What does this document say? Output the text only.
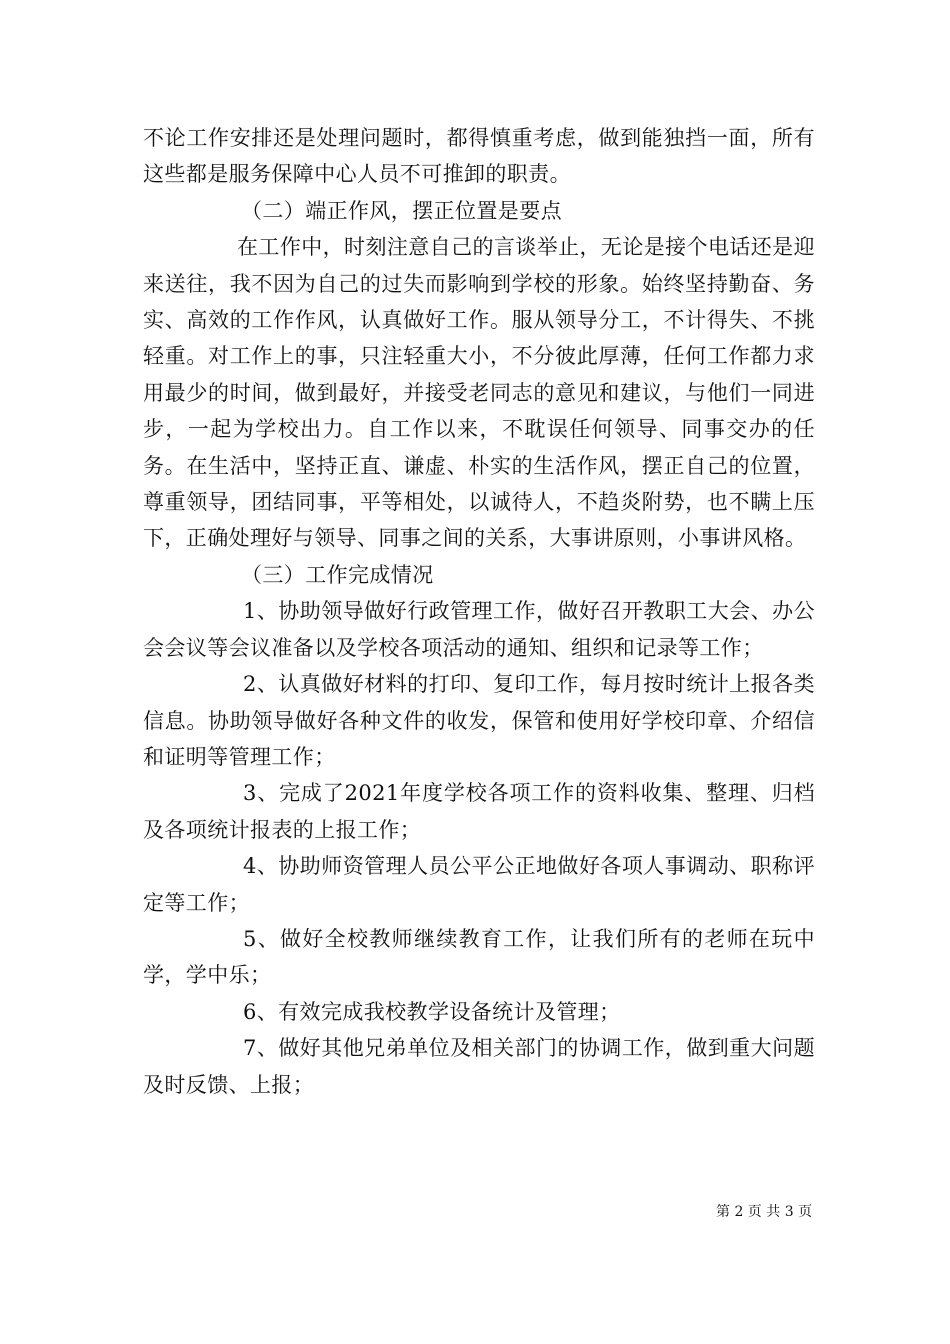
不论工作安排还是处理问题时，都得慎重考虑，做到能独挡一面，所有这些都是服务保障中心人员不可推卸的职责。

（二）端正作风，摆正位置是要点

在工作中，时刻注意自己的言谈举止，无论是接个电话还是迎来送往，我不因为自己的过失而影响到学校的形象。始终坚持勤奋、务实、高效的工作作风，认真做好工作。服从领导分工，不计得失、不挑轻重。对工作上的事，只注轻重大小，不分彼此厚薄，任何工作都力求用最少的时间，做到最好，并接受老同志的意见和建议，与他们一同进步，一起为学校出力。自工作以来，不耽误任何领导、同事交办的任务。在生活中，坚持正直、谦虚、朴实的生活作风，摆正自己的位置，尊重领导，团结同事，平等相处，以诚待人，不趋炎附势，也不瞒上压下，正确处理好与领导、同事之间的关系，大事讲原则，小事讲风格。

（三）工作完成情况

1、协助领导做好行政管理工作，做好召开教职工大会、办公会会议等会议准备以及学校各项活动的通知、组织和记录等工作；

2、认真做好材料的打印、复印工作，每月按时统计上报各类信息。协助领导做好各种文件的收发，保管和使用好学校印章、介绍信和证明等管理工作；

3、完成了2021年度学校各项工作的资料收集、整理、归档及各项统计报表的上报工作；

4、协助师资管理人员公平公正地做好各项人事调动、职称评定等工作；

5、做好全校教师继续教育工作，让我们所有的老师在玩中学，学中乐；

6、有效完成我校教学设备统计及管理；

7、做好其他兄弟单位及相关部门的协调工作，做到重大问题及时反馈、上报；

第 2 页 共 3 页
